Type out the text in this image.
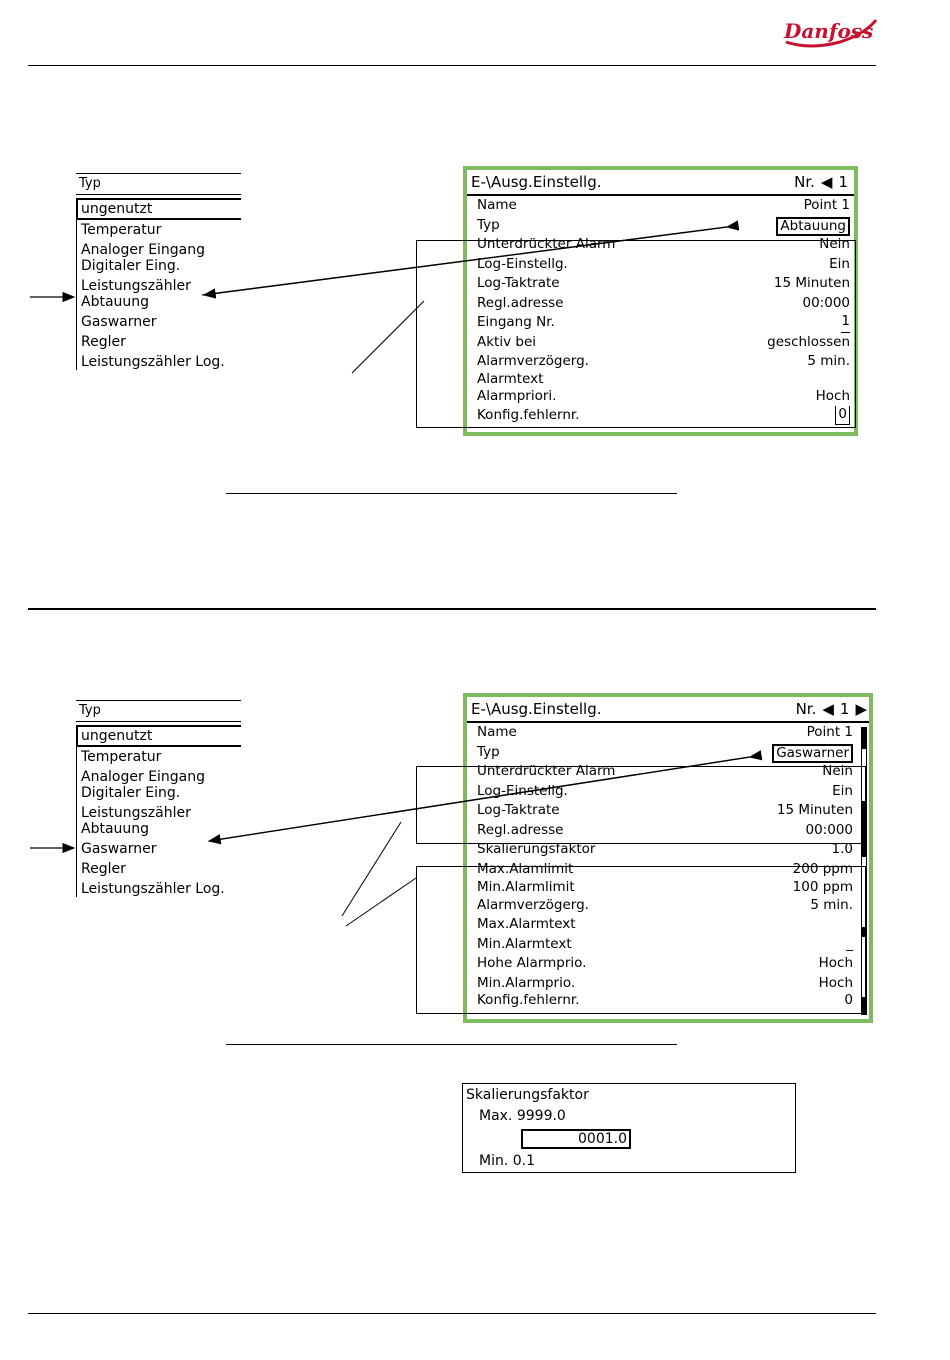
Danfoss
Typ
ungenutzt
Temperatur
Analoger Eingang
Digitaler Eing.
Leistungszähler
Abtauung
Gaswarner
Regler
Leistungszähler Log.
E-\Ausg.Einstellg.	Nr. ◀ 1
Name	Point 1
Typ	Abtauung
Unterdrückter Alarm	Nein
Log-Einstellg.	Ein
Log-Taktrate	15 Minuten
Regl.adresse	00:000
Eingang Nr.	1
Aktiv bei	geschlossen
Alarmverzögerg.	5 min.
Alarmtext
Alarmpriori.	Hoch
Konfig.fehlernr.	0
Typ
ungenutzt
Temperatur
Analoger Eingang
Digitaler Eing.
Leistungszähler
Abtauung
Gaswarner
Regler
Leistungszähler Log.
E-\Ausg.Einstellg.	Nr. ◀ 1 ▶
Name	Point 1
Typ	Gaswarner
Unterdrückter Alarm	Nein
Log-Einstellg.	Ein
Log-Taktrate	15 Minuten
Regl.adresse	00:000
Skalierungsfaktor	1.0
Max.Alamlimit	200 ppm
Min.Alarmlimit	100 ppm
Alarmverzögerg.	5 min.
Max.Alarmtext
Min.Alarmtext	_
Hohe Alarmprio.	Hoch
Min.Alarmprio.	Hoch
Konfig.fehlernr.	0
Skalierungsfaktor
Max. 9999.0
0001.0
Min. 0.1
